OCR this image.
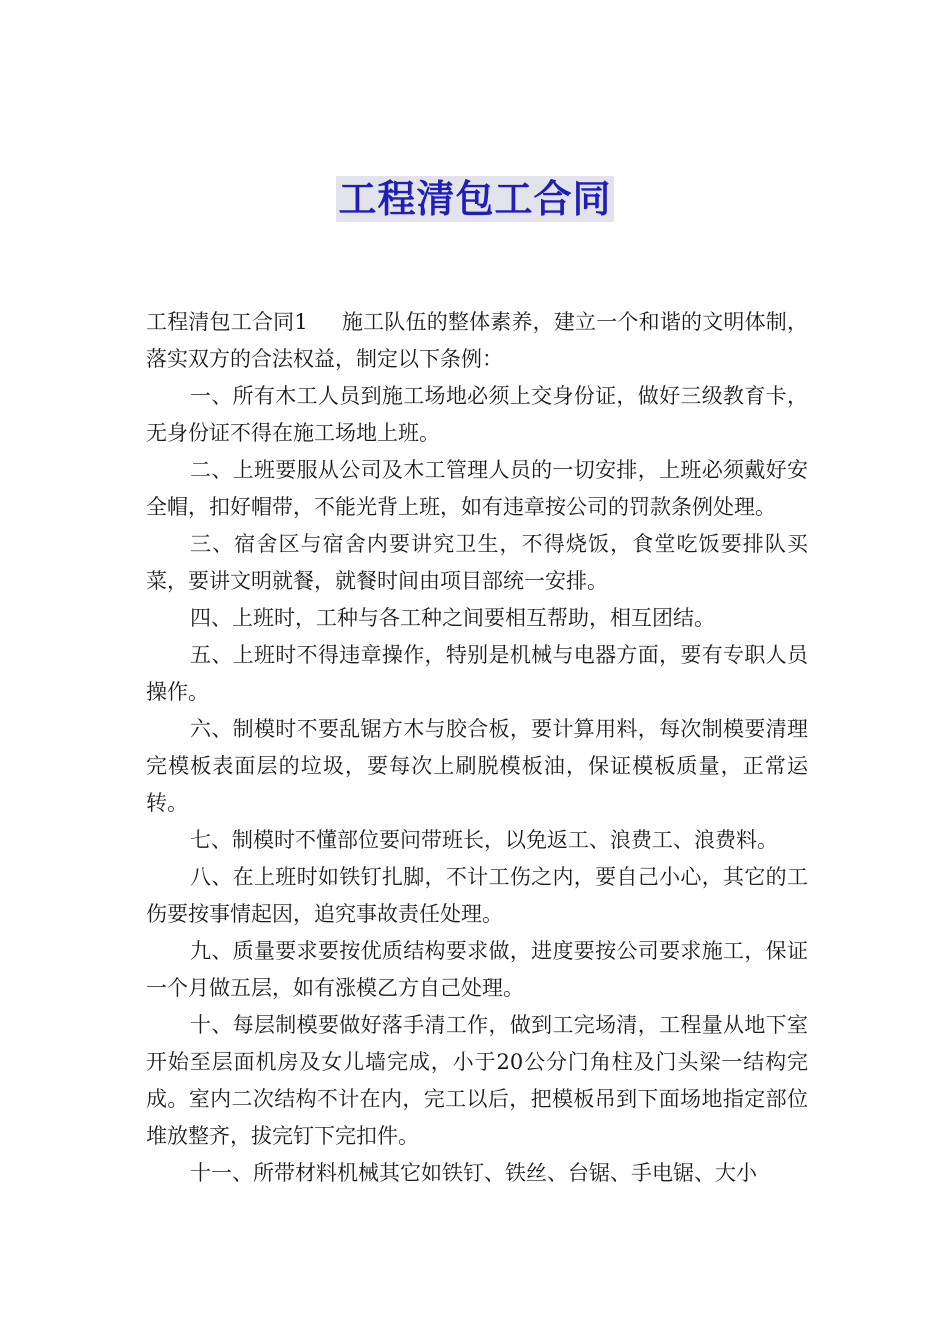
工程清包工合同

工程清包工合同1 施工队伍的整体素养，建立一个和谐的文明体制，落实双方的合法权益，制定以下条例：

一、所有木工人员到施工场地必须上交身份证，做好三级教育卡，无身份证不得在施工场地上班。

二、上班要服从公司及木工管理人员的一切安排，上班必须戴好安全帽，扣好帽带，不能光背上班，如有违章按公司的罚款条例处理。

三、宿舍区与宿舍内要讲究卫生，不得烧饭，食堂吃饭要排队买菜，要讲文明就餐，就餐时间由项目部统一安排。

四、上班时，工种与各工种之间要相互帮助，相互团结。

五、上班时不得违章操作，特别是机械与电器方面，要有专职人员操作。

六、制模时不要乱锯方木与胶合板，要计算用料，每次制模要清理完模板表面层的垃圾，要每次上刷脱模板油，保证模板质量，正常运转。

七、制模时不懂部位要问带班长，以免返工、浪费工、浪费料。

八、在上班时如铁钉扎脚，不计工伤之内，要自己小心，其它的工伤要按事情起因，追究事故责任处理。

九、质量要求要按优质结构要求做，进度要按公司要求施工，保证一个月做五层，如有涨模乙方自己处理。

十、每层制模要做好落手清工作，做到工完场清，工程量从地下室开始至层面机房及女儿墙完成，小于20公分门角柱及门头梁一结构完成。室内二次结构不计在内，完工以后，把模板吊到下面场地指定部位堆放整齐，拔完钉下完扣件。

十一、所带材料机械其它如铁钉、铁丝、台锯、手电锯、大小
